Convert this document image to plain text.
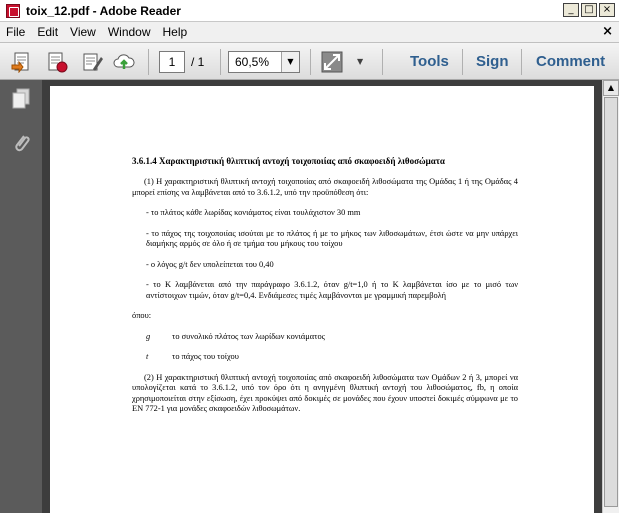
toix_12.pdf - Adobe Reader	_	□ ×
File	Edit	View	Window	Help	×
1	/ 1	60,5%	▼	▼	Tools Sign Comment

3.6.1.4 Χαρακτηριστική θλιπτική αντοχή τοιχοποιίας από σκαφοειδή λιθοσώματα

(1) Η χαρακτηριστική θλιπτική αντοχή τοιχοποιίας από σκαφοειδή λιθοσώματα της Ομάδας 1 ή της Ομάδας 4 μπορεί επίσης να λαμβάνεται από το 3.6.1.2, υπό την προϋπόθεση ότι:

- το πλάτος κάθε λωρίδας κονιάματος είναι τουλάχιστον 30 mm

- το πάχος της τοιχοποιίας ισούται με το πλάτος ή με το μήκος των λιθοσωμάτων, έτσι ώστε να μην υπάρχει διαμήκης αρμός σε όλο ή σε τμήμα του μήκους του τοίχου

- ο λόγος g/t δεν υπολείπεται του 0,40

- το K λαμβάνεται από την παράγραφο 3.6.1.2, όταν g/t=1,0 ή το K λαμβάνεται ίσο με το μισό των αντίστοιχων τιμών, όταν g/t=0,4. Ενδιάμεσες τιμές λαμβάνονται με γραμμική παρεμβολή

όπου:

g	το συνολικό πλάτος των λωρίδων κονιάματος
t	το πάχος του τοίχου

(2) Η χαρακτηριστική θλιπτική αντοχή τοιχοποιίας από σκαφοειδή λιθοσώματα των Ομάδων 2 ή 3, μπορεί να υπολογίζεται κατά το 3.6.1.2, υπό τον όρο ότι η ανηγμένη θλιπτική αντοχή του λιθοσώματος, fb, η οποία χρησιμοποιείται στην εξίσωση, έχει προκύψει από δοκιμές σε μονάδες που έχουν υποστεί δοκιμές σύμφωνα με το EN 772-1 για μονάδες σκαφοειδών λιθοσωμάτων.

▲
